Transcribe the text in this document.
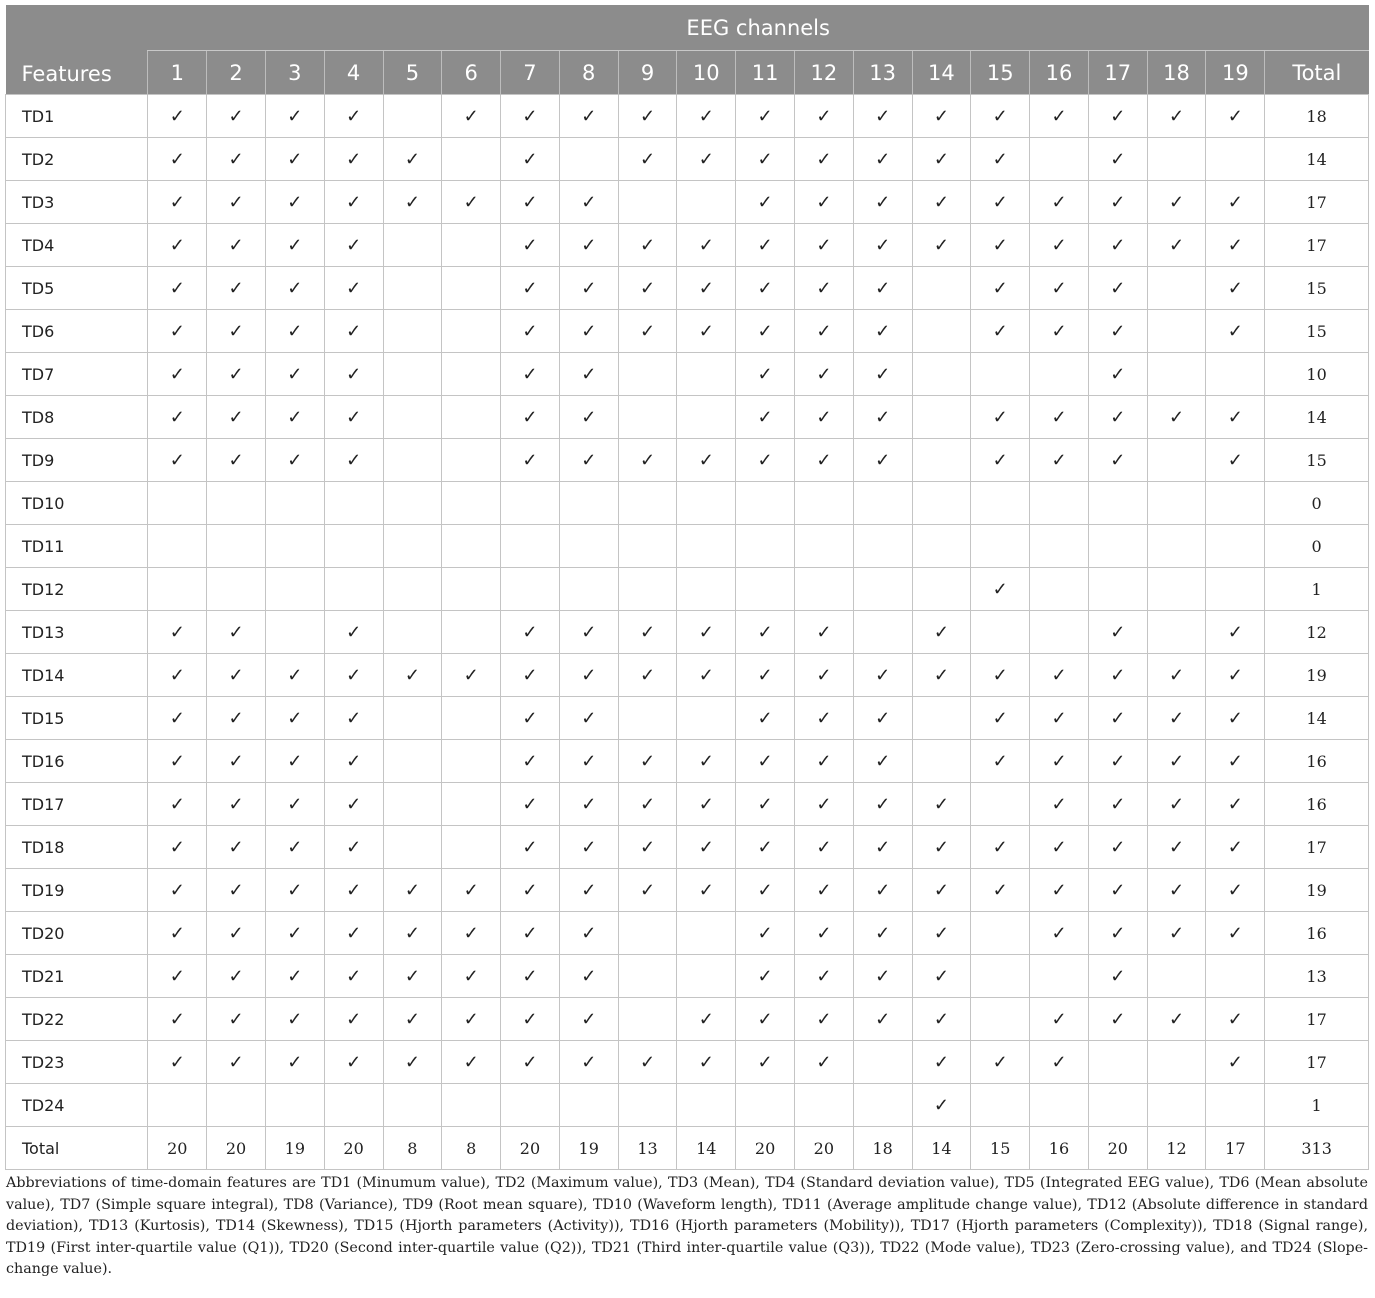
Features	EEG channels																			
	1	2	3	4	5	6	7	8	9	10	11	12	13	14	15	16	17	18	19	Total
TD1	✓	✓	✓	✓		✓	✓	✓	✓	✓	✓	✓	✓	✓	✓	✓	✓	✓	✓	18
TD2	✓	✓	✓	✓	✓		✓		✓	✓	✓	✓	✓	✓	✓		✓			14
TD3	✓	✓	✓	✓	✓	✓	✓	✓			✓	✓	✓	✓	✓	✓	✓	✓	✓	17
TD4	✓	✓	✓	✓			✓	✓	✓	✓	✓	✓	✓	✓	✓	✓	✓	✓	✓	17
TD5	✓	✓	✓	✓			✓	✓	✓	✓	✓	✓	✓		✓	✓	✓		✓	15
TD6	✓	✓	✓	✓			✓	✓	✓	✓	✓	✓	✓		✓	✓	✓		✓	15
TD7	✓	✓	✓	✓			✓	✓			✓	✓	✓				✓			10
TD8	✓	✓	✓	✓			✓	✓			✓	✓	✓		✓	✓	✓	✓	✓	14
TD9	✓	✓	✓	✓			✓	✓	✓	✓	✓	✓	✓		✓	✓	✓		✓	15
TD10																				0
TD11																				0
TD12															✓					1
TD13	✓	✓		✓			✓	✓	✓	✓	✓	✓		✓			✓		✓	12
TD14	✓	✓	✓	✓	✓	✓	✓	✓	✓	✓	✓	✓	✓	✓	✓	✓	✓	✓	✓	19
TD15	✓	✓	✓	✓			✓	✓			✓	✓	✓		✓	✓	✓	✓	✓	14
TD16	✓	✓	✓	✓			✓	✓	✓	✓	✓	✓	✓		✓	✓	✓	✓	✓	16
TD17	✓	✓	✓	✓			✓	✓	✓	✓	✓	✓	✓	✓		✓	✓	✓	✓	16
TD18	✓	✓	✓	✓			✓	✓	✓	✓	✓	✓	✓	✓	✓	✓	✓	✓	✓	17
TD19	✓	✓	✓	✓	✓	✓	✓	✓	✓	✓	✓	✓	✓	✓	✓	✓	✓	✓	✓	19
TD20	✓	✓	✓	✓	✓	✓	✓	✓			✓	✓	✓	✓		✓	✓	✓	✓	16
TD21	✓	✓	✓	✓	✓	✓	✓	✓			✓	✓	✓	✓			✓			13
TD22	✓	✓	✓	✓	✓	✓	✓	✓		✓	✓	✓	✓	✓		✓	✓	✓	✓	17
TD23	✓	✓	✓	✓	✓	✓	✓	✓	✓	✓	✓	✓		✓	✓	✓			✓	17
TD24														✓						1
Total	20	20	19	20	8	8	20	19	13	14	20	20	18	14	15	16	20	12	17	313
Abbreviations of time-domain features are TD1 (Minumum value), TD2 (Maximum value), TD3 (Mean), TD4 (Standard deviation value), TD5 (Integrated EEG value), TD6 (Mean absolute value), TD7 (Simple square integral), TD8 (Variance), TD9 (Root mean square), TD10 (Waveform length), TD11 (Average amplitude change value), TD12 (Absolute difference in standard deviation), TD13 (Kurtosis), TD14 (Skewness), TD15 (Hjorth parameters (Activity)), TD16 (Hjorth parameters (Mobility)), TD17 (Hjorth parameters (Complexity)), TD18 (Signal range), TD19 (First inter-quartile value (Q1)), TD20 (Second inter-quartile value (Q2)), TD21 (Third inter-quartile value (Q3)), TD22 (Mode value), TD23 (Zero-crossing value), and TD24 (Slope-change value).
